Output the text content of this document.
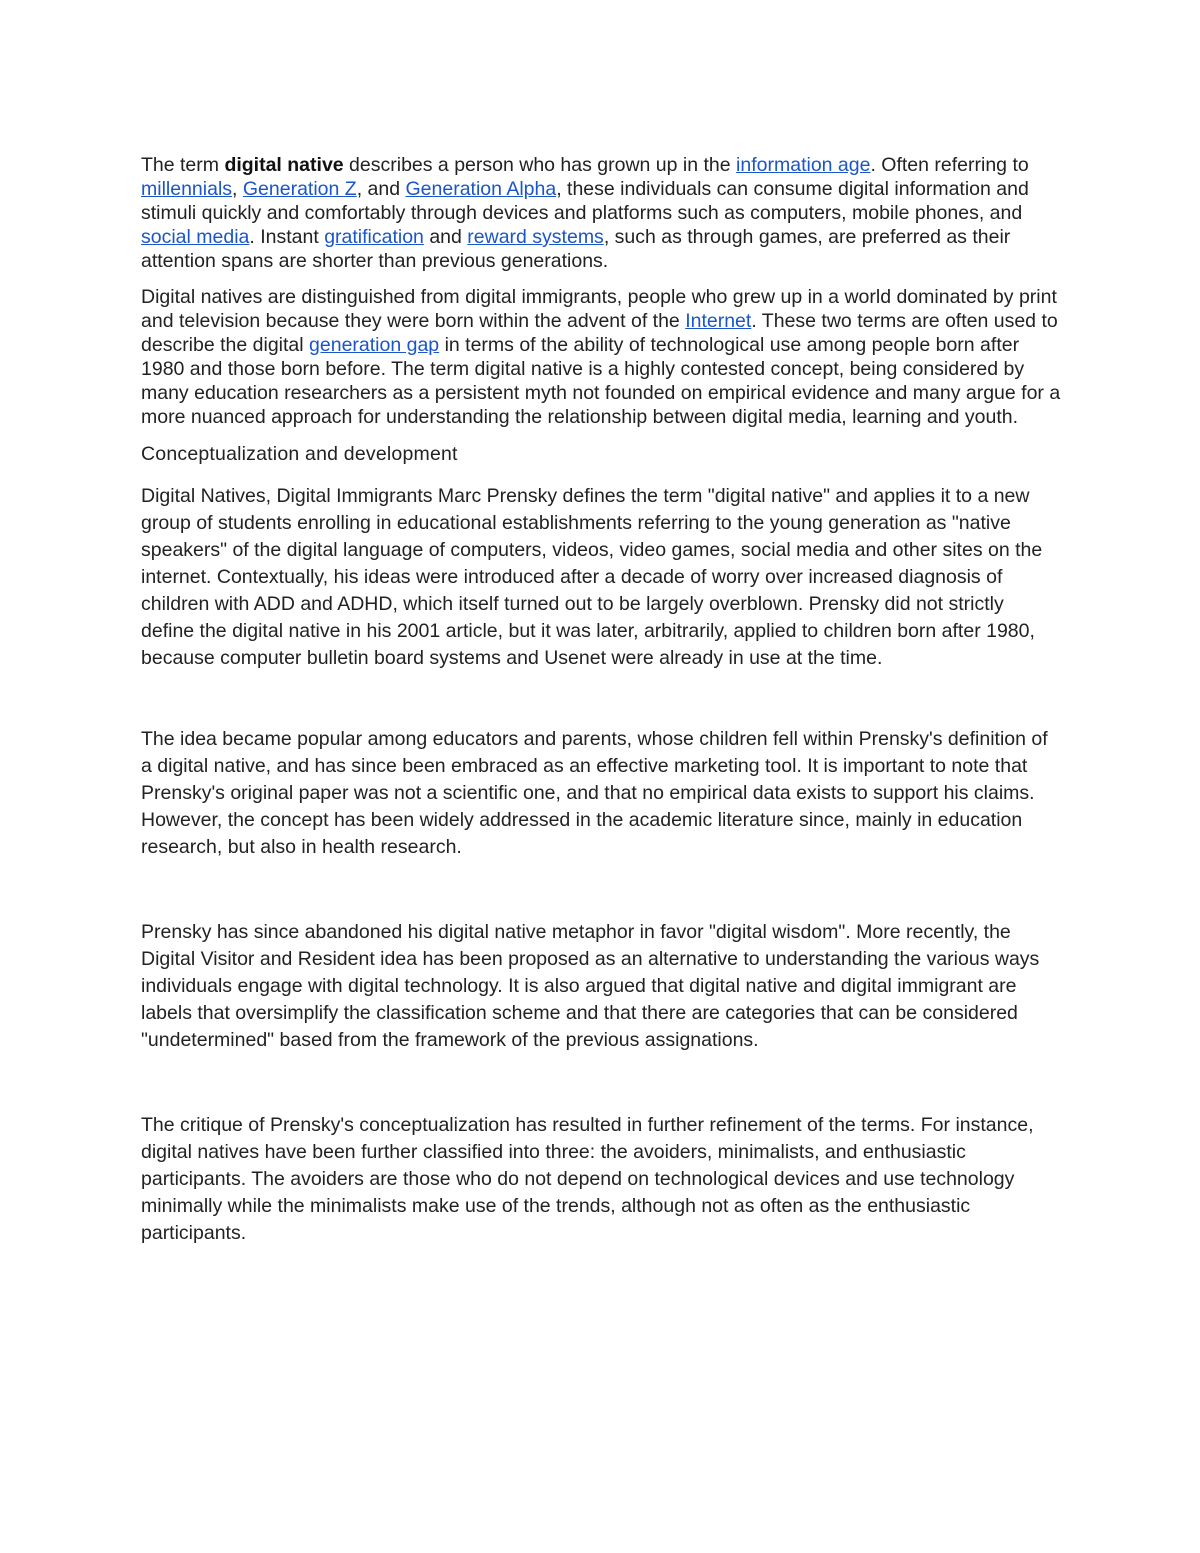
The term digital native describes a person who has grown up in the information age. Often referring to millennials, Generation Z, and Generation Alpha, these individuals can consume digital information and stimuli quickly and comfortably through devices and platforms such as computers, mobile phones, and social media. Instant gratification and reward systems, such as through games, are preferred as their attention spans are shorter than previous generations.

Digital natives are distinguished from digital immigrants, people who grew up in a world dominated by print and television because they were born within the advent of the Internet. These two terms are often used to describe the digital generation gap in terms of the ability of technological use among people born after 1980 and those born before. The term digital native is a highly contested concept, being considered by many education researchers as a persistent myth not founded on empirical evidence and many argue for a more nuanced approach for understanding the relationship between digital media, learning and youth.

Conceptualization and development

Digital Natives, Digital Immigrants Marc Prensky defines the term "digital native" and applies it to a new group of students enrolling in educational establishments referring to the young generation as "native speakers" of the digital language of computers, videos, video games, social media and other sites on the internet. Contextually, his ideas were introduced after a decade of worry over increased diagnosis of children with ADD and ADHD, which itself turned out to be largely overblown. Prensky did not strictly define the digital native in his 2001 article, but it was later, arbitrarily, applied to children born after 1980, because computer bulletin board systems and Usenet were already in use at the time.

The idea became popular among educators and parents, whose children fell within Prensky's definition of a digital native, and has since been embraced as an effective marketing tool. It is important to note that Prensky's original paper was not a scientific one, and that no empirical data exists to support his claims. However, the concept has been widely addressed in the academic literature since, mainly in education research, but also in health research.

Prensky has since abandoned his digital native metaphor in favor "digital wisdom". More recently, the Digital Visitor and Resident idea has been proposed as an alternative to understanding the various ways individuals engage with digital technology. It is also argued that digital native and digital immigrant are labels that oversimplify the classification scheme and that there are categories that can be considered "undetermined" based from the framework of the previous assignations.

The critique of Prensky's conceptualization has resulted in further refinement of the terms. For instance, digital natives have been further classified into three: the avoiders, minimalists, and enthusiastic participants. The avoiders are those who do not depend on technological devices and use technology minimally while the minimalists make use of the trends, although not as often as the enthusiastic participants.
